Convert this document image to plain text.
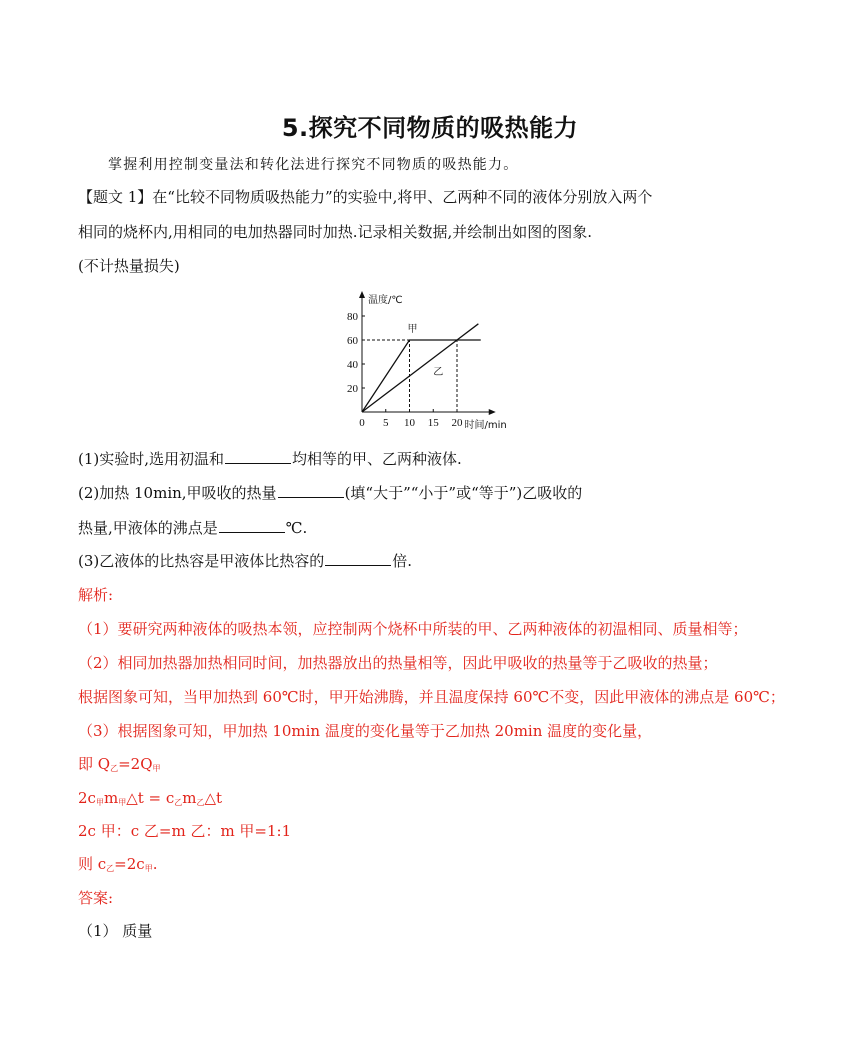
5.探究不同物质的吸热能力
掌握利用控制变量法和转化法进行探究不同物质的吸热能力。
【题文 1】在“比较不同物质吸热能力”的实验中,将甲、乙两种不同的液体分别放入两个
相同的烧杯内,用相同的电加热器同时加热.记录相关数据,并绘制出如图的图象.
(不计热量损失)
温度/℃
时间/min
0 5 10 15 20
20
40
60
80
甲
乙
(1)实验时,选用初温和	均相等的甲、乙两种液体.
(2)加热 10min,甲吸收的热量	(填“大于”“小于”或“等于”)乙吸收的
热量,甲液体的沸点是	℃.
(3)乙液体的比热容是甲液体比热容的	倍.
解析:
（1）要研究两种液体的吸热本领，应控制两个烧杯中所装的甲、乙两种液体的初温相同、质量相等；
（2）相同加热器加热相同时间，加热器放出的热量相等，因此甲吸收的热量等于乙吸收的热量；
根据图象可知，当甲加热到 60℃时，甲开始沸腾，并且温度保持 60℃不变，因此甲液体的沸点是 60℃；
（3）根据图象可知，甲加热 10min 温度的变化量等于乙加热 20min 温度的变化量，
即 $Q_乙=2Q_甲$
$2c_甲m_甲\triangle t$ = $c_乙m_乙\triangle t$
2c 甲：c 乙=m 乙：m 甲=1:1
则 $c_乙=2c_甲$.
答案:
（1） 质量
